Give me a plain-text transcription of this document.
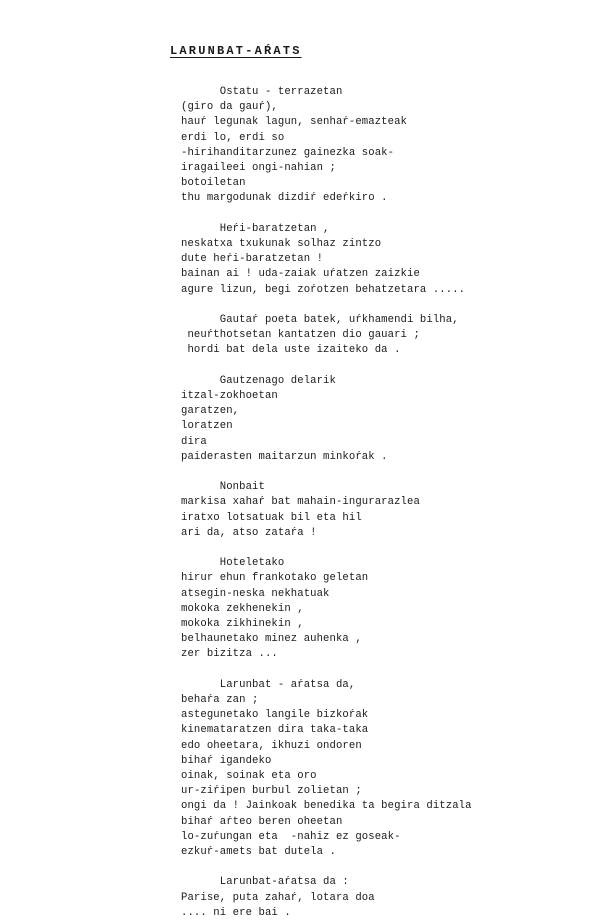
LARUNBAT-AŔATS
Ostatu - terrazetan
(giro da gauŕ),
hauŕ legunak lagun, senhaŕ-emazteak
erdi lo, erdi so
-hirihanditarzunez gainezka soak-
iragaileei ongi-nahian ;
botoiletan
thu margodunak dizdiŕ edeŕkiro .
Heŕi-baratzetan ,
neskatxa txukunak solhaz zintzo
dute heŕi-baratzetan !
bainan ai ! uda-zaiak uŕatzen zaizkie
agure lizun, begi zoŕotzen behatzetara .....
Gautaŕ poeta batek, uŕkhamendi bilha,
neuŕthotsetan kantatzen dio gauari ;
hordi bat dela uste izaiteko da .
Gautzenago delarik
itzal-zokhoetan
garatzen,
loratzen
dira
paiderasten maitarzun minkoŕak .
Nonbait
markisa xahaŕ bat mahain-ingurarazlea
iratxo lotsatuak bil eta hil
ari da, atso zataŕa !
Hoteletako
hirur ehun frankotako geletan
atsegin-neska nekhatuak
mokoka zekhenekin ,
mokoka zikhinekin ,
belhaunetako minez auhenka ,
zer bizitza ...
Larunbat - aŕatsa da,
behaŕa zan ;
astegunetako langile bizkoŕak
kinemataratzen dira taka-taka
edo oheetara, ikhuzi ondoren
bihaŕ igandeko
oinak, soinak eta oro
ur-ziŕipen burbul zolietan ;
ongi da ! Jainkoak benedika ta begira ditzala
bihaŕ aŕteo beren oheetan
lo-zuŕungan eta  -nahiz ez goseak-
ezkuŕ-amets bat dutela .
Larunbat-aŕatsa da :
Parise, puta zahaŕ, lotara doa
.... ni ere bai .
